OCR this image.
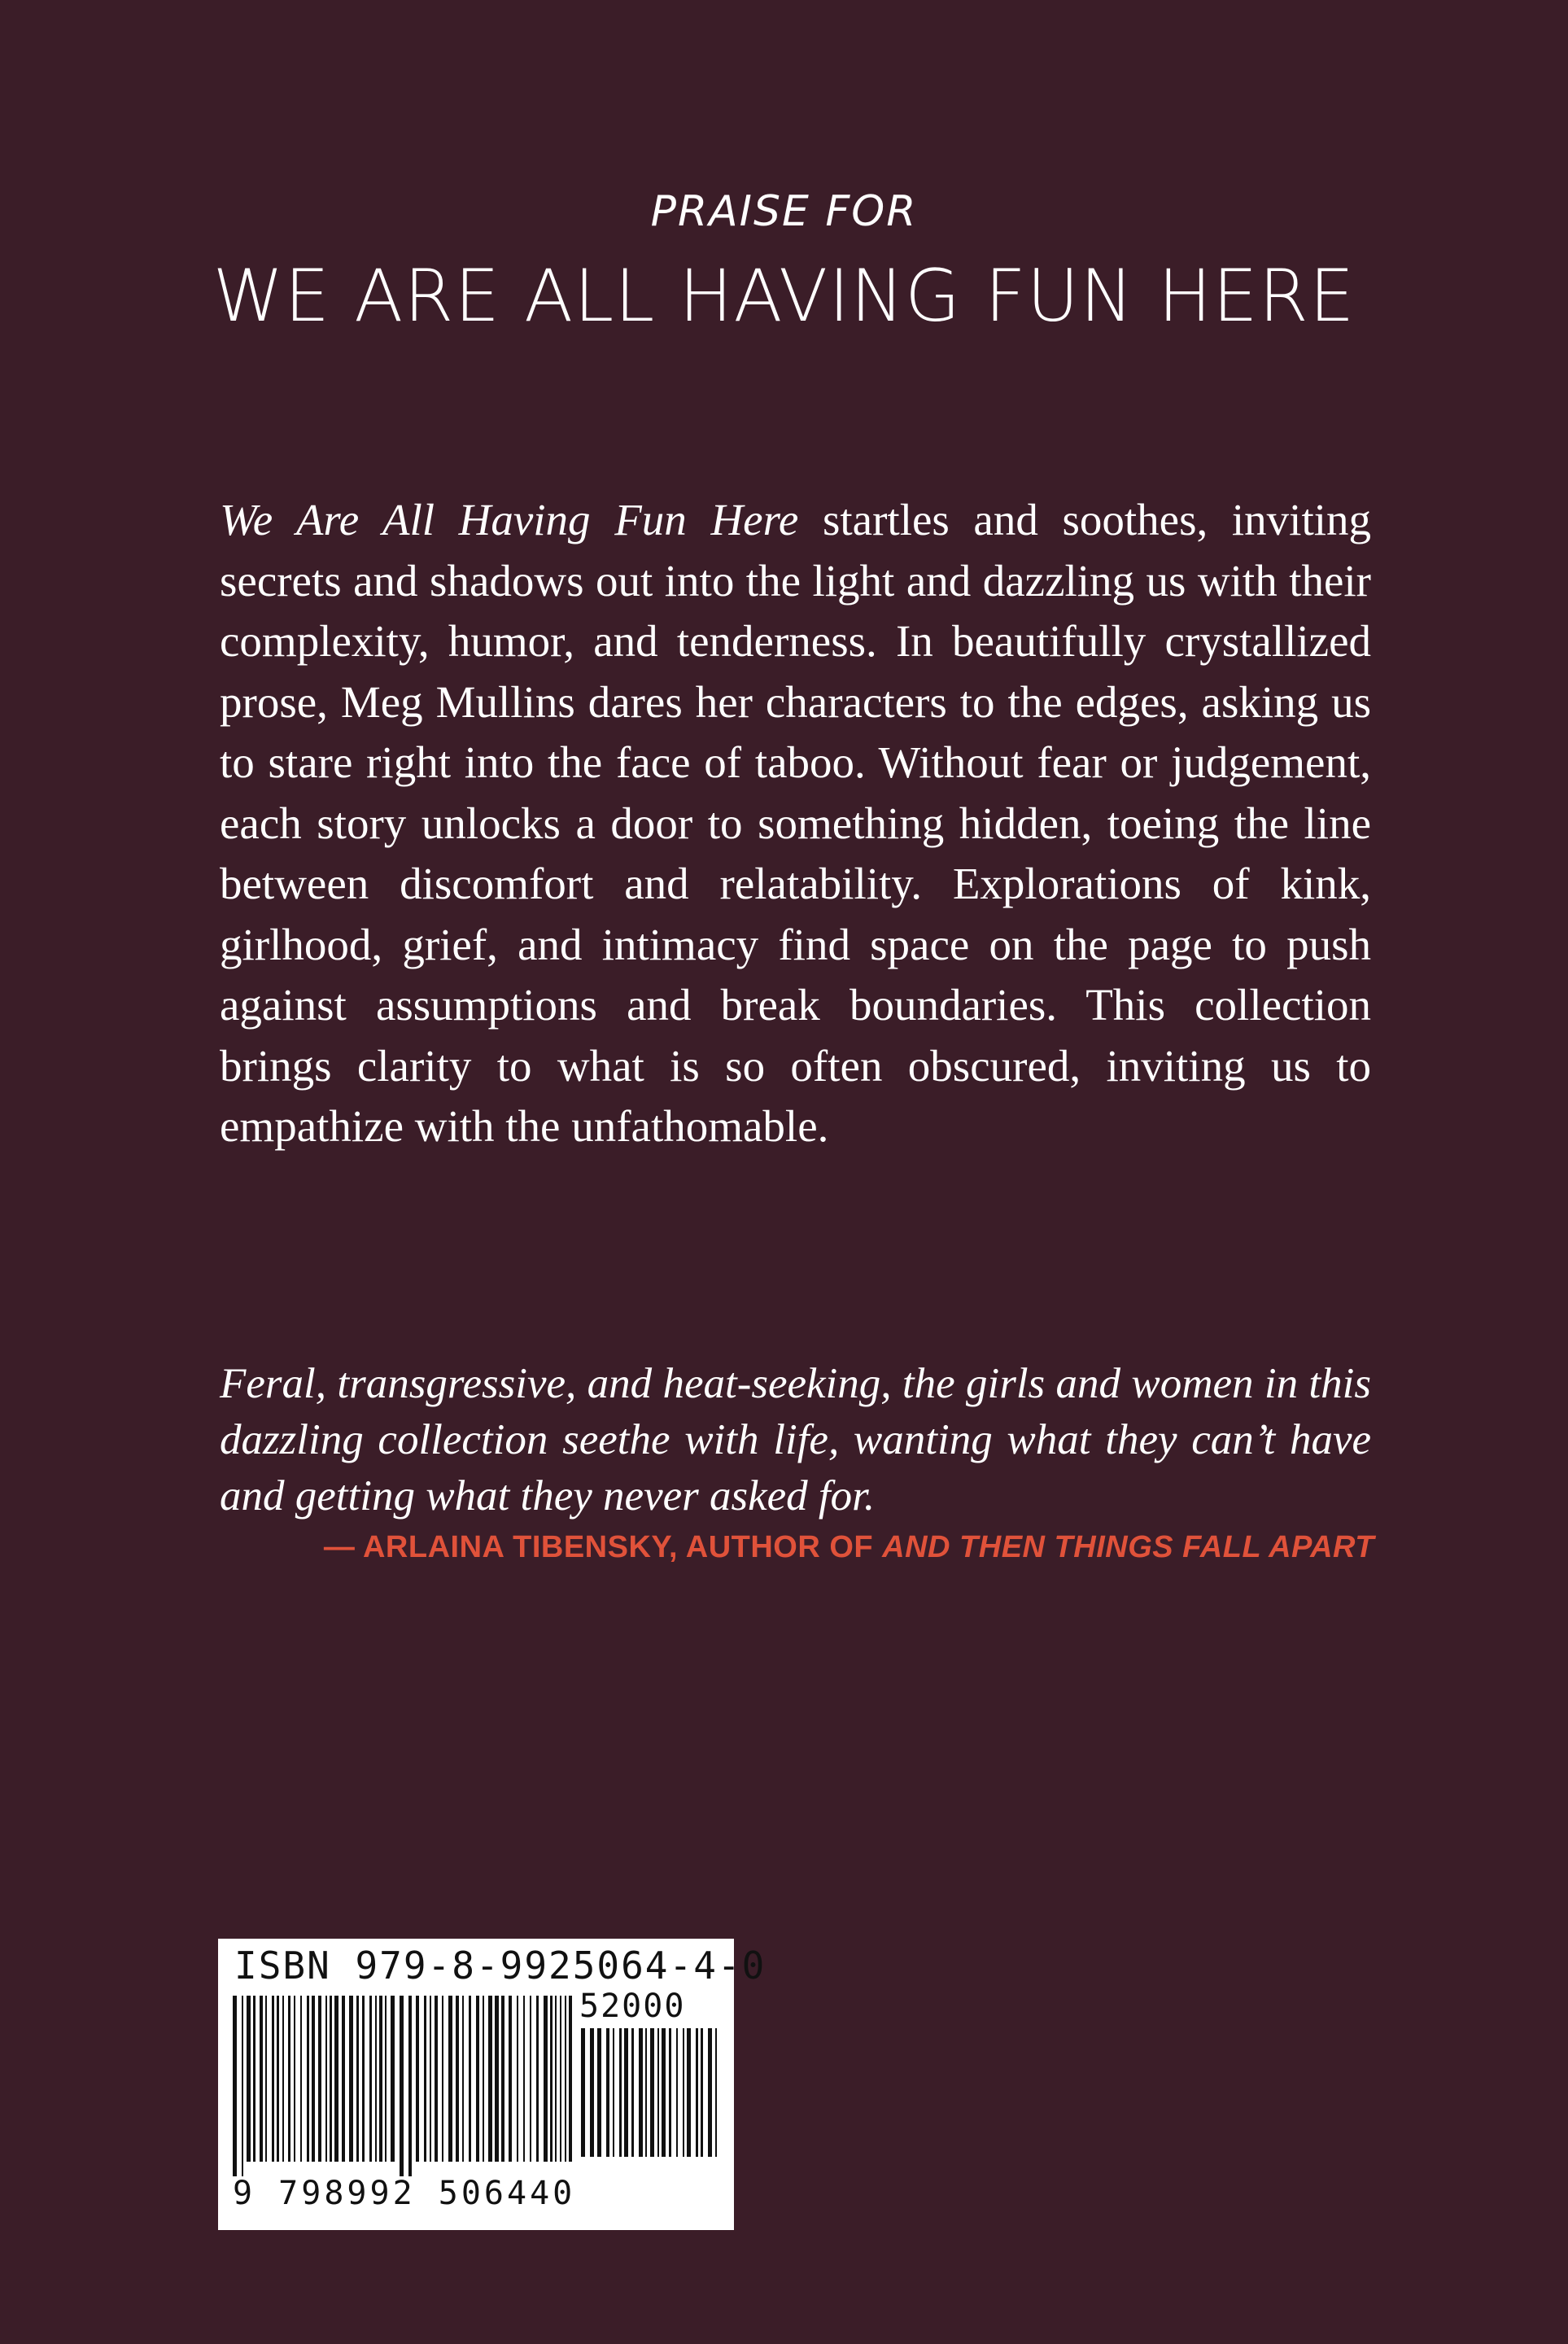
PRAISE FOR
WE ARE ALL HAVING FUN HERE

We Are All Having Fun Here startles and soothes, inviting secrets and shadows out into the light and dazzling us with their complexity, humor, and tenderness. In beautifully crystallized prose, Meg Mullins dares her characters to the edges, asking us to stare right into the face of taboo. Without fear or judgement, each story unlocks a door to something hidden, toeing the line between discomfort and relatability. Explorations of kink, girlhood, grief, and intimacy find space on the page to push against assumptions and break boundaries. This collection brings clarity to what is so often obscured, inviting us to empathize with the unfathomable.

Feral, transgressive, and heat-seeking, the girls and women in this dazzling collection seethe with life, wanting what they can’t have and getting what they never asked for.

— ARLAINA TIBENSKY, AUTHOR OF AND THEN THINGS FALL APART
ISBN 979-8-9925064-4-0
52000
9 798992 506440
